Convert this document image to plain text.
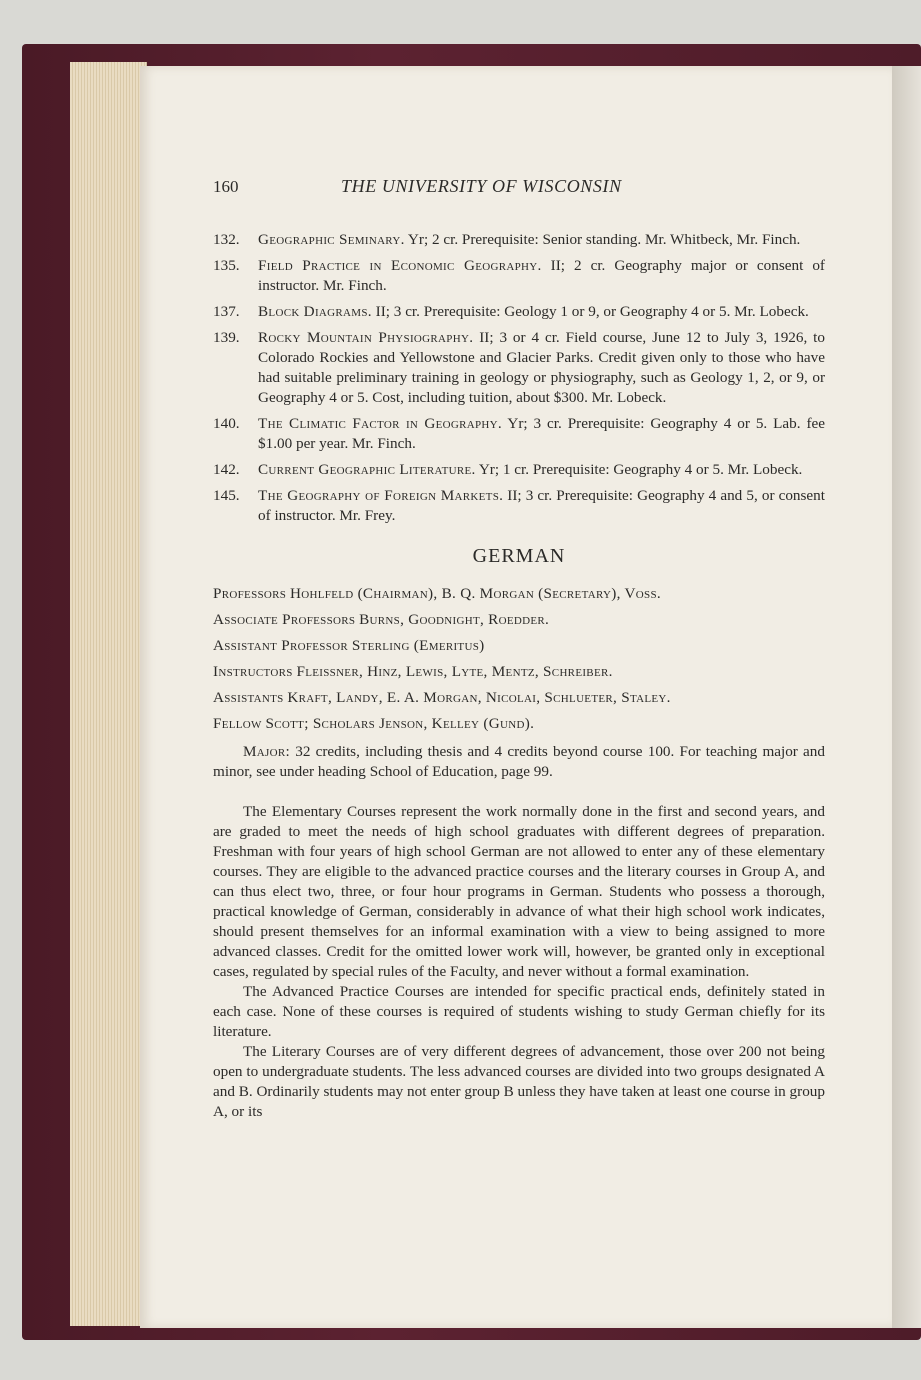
160	THE UNIVERSITY OF WISCONSIN
132.	Geographic Seminary. Yr; 2 cr. Prerequisite: Senior standing. Mr. Whitbeck, Mr. Finch.
135.	Field Practice in Economic Geography. II; 2 cr. Geography major or consent of instructor. Mr. Finch.
137.	Block Diagrams. II; 3 cr. Prerequisite: Geology 1 or 9, or Geography 4 or 5. Mr. Lobeck.
139.	Rocky Mountain Physiography. II; 3 or 4 cr. Field course, June 12 to July 3, 1926, to Colorado Rockies and Yellowstone and Glacier Parks. Credit given only to those who have had suitable preliminary training in geology or physiography, such as Geology 1, 2, or 9, or Geography 4 or 5. Cost, including tuition, about $300. Mr. Lobeck.
140.	The Climatic Factor in Geography. Yr; 3 cr. Prerequisite: Geography 4 or 5. Lab. fee $1.00 per year. Mr. Finch.
142.	Current Geographic Literature. Yr; 1 cr. Prerequisite: Geography 4 or 5. Mr. Lobeck.
145.	The Geography of Foreign Markets. II; 3 cr. Prerequisite: Geography 4 and 5, or consent of instructor. Mr. Frey.
GERMAN
Professors Hohlfeld (Chairman), B. Q. Morgan (Secretary), Voss.
Associate Professors Burns, Goodnight, Roedder.
Assistant Professor Sterling (Emeritus)
Instructors Fleissner, Hinz, Lewis, Lyte, Mentz, Schreiber.
Assistants Kraft, Landy, E. A. Morgan, Nicolai, Schlueter, Staley.
Fellow Scott; Scholars Jenson, Kelley (Gund).

Major: 32 credits, including thesis and 4 credits beyond course 100. For teaching major and minor, see under heading School of Education, page 99.

The Elementary Courses represent the work normally done in the first and second years, and are graded to meet the needs of high school graduates with different degrees of preparation. Freshman with four years of high school German are not allowed to enter any of these elementary courses. They are eligible to the advanced practice courses and the literary courses in Group A, and can thus elect two, three, or four hour programs in German. Students who possess a thorough, practical knowledge of German, considerably in advance of what their high school work indicates, should present themselves for an informal examination with a view to being assigned to more advanced classes. Credit for the omitted lower work will, however, be granted only in exceptional cases, regulated by special rules of the Faculty, and never without a formal examination.

The Advanced Practice Courses are intended for specific practical ends, definitely stated in each case. None of these courses is required of students wishing to study German chiefly for its literature.

The Literary Courses are of very different degrees of advancement, those over 200 not being open to undergraduate students. The less advanced courses are divided into two groups designated A and B. Ordinarily students may not enter group B unless they have taken at least one course in group A, or its
